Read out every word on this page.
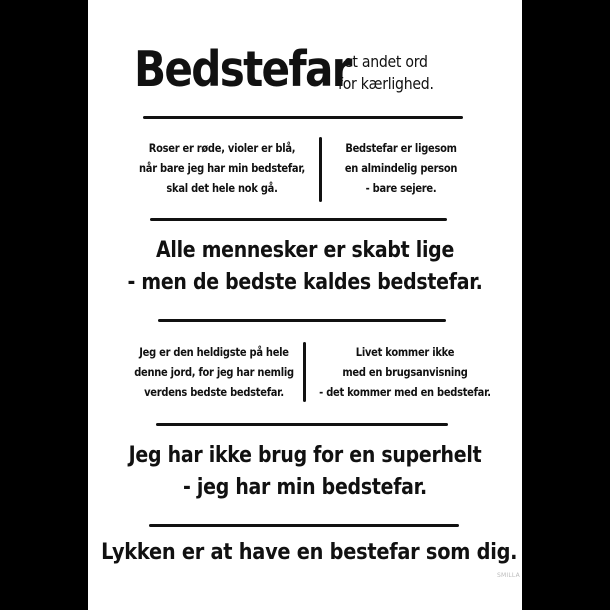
Bedstefar
et andet ord
for kærlighed.
Roser er røde, violer er blå,
når bare jeg har min bedstefar,
skal det hele nok gå.
Bedstefar er ligesom
en almindelig person
- bare sejere.
Alle mennesker er skabt lige
- men de bedste kaldes bedstefar.
Jeg er den heldigste på hele
denne jord, for jeg har nemlig
verdens bedste bedstefar.
Livet kommer ikke
med en brugsanvisning
- det kommer med en bedstefar.
Jeg har ikke brug for en superhelt
- jeg har min bedstefar.
Lykken er at have en bestefar som dig.
SMILLA
